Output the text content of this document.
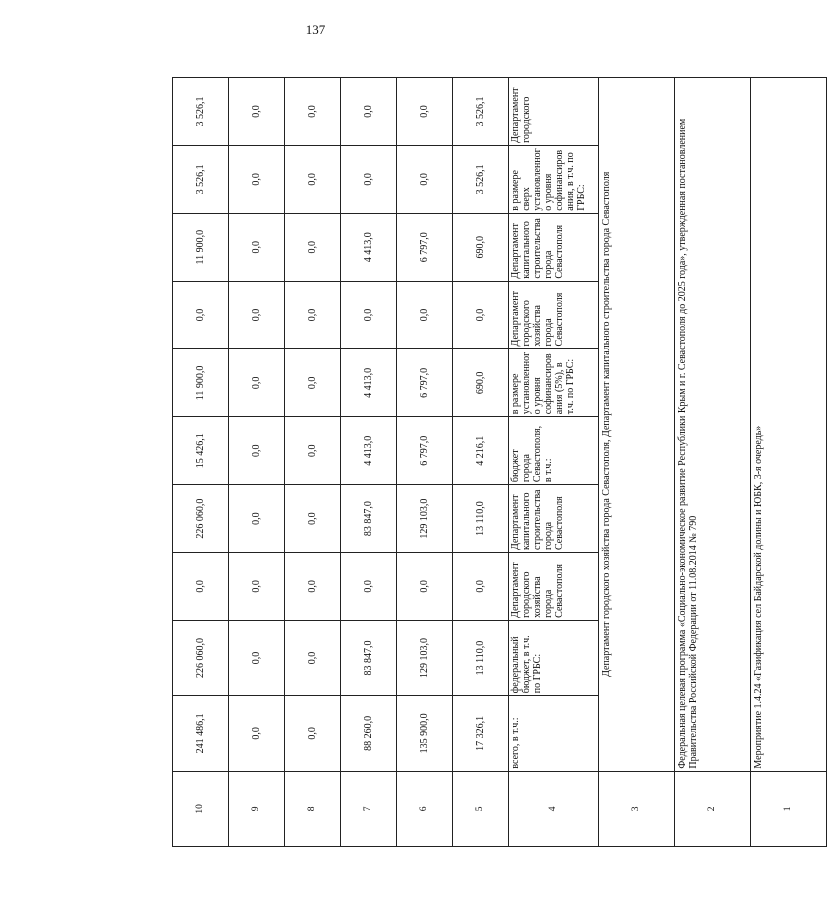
137
10	241 486,1	226 060,0	0,0	226 060,0	15 426,1	11 900,0	0,0	11 900,0	3 526,1	3 526,1
9	0,0	0,0	0,0	0,0	0,0	0,0	0,0	0,0	0,0	0,0
8	0,0	0,0	0,0	0,0	0,0	0,0	0,0	0,0	0,0	0,0
7	88 260,0	83 847,0	0,0	83 847,0	4 413,0	4 413,0	0,0	4 413,0	0,0	0,0
6	135 900,0	129 103,0	0,0	129 103,0	6 797,0	6 797,0	0,0	6 797,0	0,0	0,0
5	17 326,1	13 110,0	0,0	13 110,0	4 216,1	690,0	0,0	690,0	3 526,1	3 526,1
4	всего, в т.ч.:	федеральный бюджет, в т.ч. по ГРБС:	Департамент городского хозяйства города Севастополя	Департамент капитального строительства города Севастополя	бюджет города Севастополя, в т.ч.:	в размере установленного уровня софинансирования (5%), в т.ч. по ГРБС:	Департамент городского хозяйства города Севастополя	Департамент капитального строительства города Севастополя	в размере сверх установленного уровня софинансирования, в т.ч. по ГРБС:	Департамент городского
3	Департамент городского хозяйства города Севастополя, Департамент капитального строительства города Севастополя									
2	Федеральная целевая программа «Социально-экономическое развитие Республики Крым и г. Севастополя до 2025 года», утвержденная постановлением Правительства Российской Федерации от 11.08.2014 № 790									
1	Мероприятие 1.4.24 «Газификация сел Байдарской долины и ЮБК, 3-я очередь»									
